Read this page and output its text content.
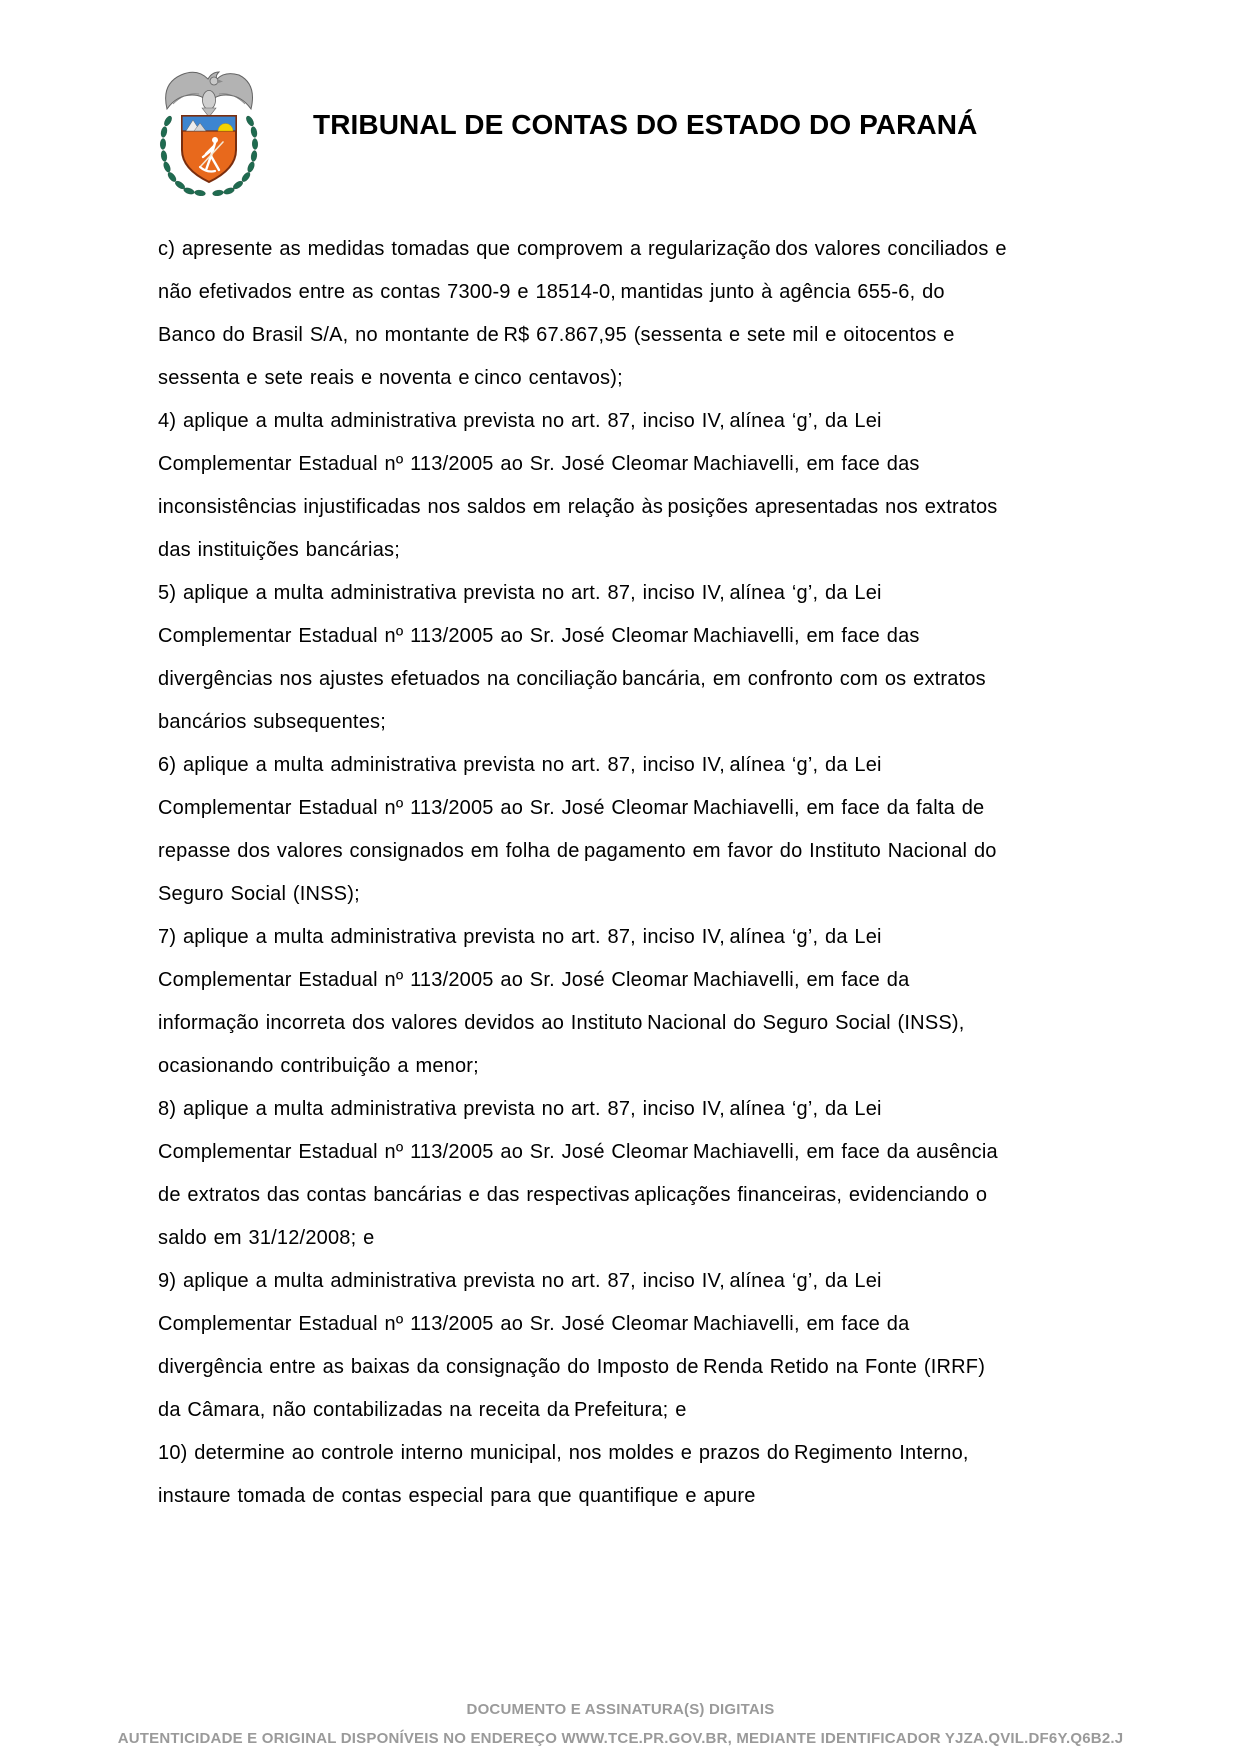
TRIBUNAL DE CONTAS DO ESTADO DO PARANÁ

c) apresente as medidas tomadas que comprovem a regularização dos valores conciliados e não efetivados entre as contas 7300-9 e 18514-0, mantidas junto à agência 655-6, do Banco do Brasil S/A, no montante de R$ 67.867,95 (sessenta e sete mil e oitocentos e sessenta e sete reais e noventa e cinco centavos);

4) aplique a multa administrativa prevista no art. 87, inciso IV, alínea ‘g’, da Lei Complementar Estadual nº 113/2005 ao Sr. José Cleomar Machiavelli, em face das inconsistências injustificadas nos saldos em relação às posições apresentadas nos extratos das instituições bancárias;

5) aplique a multa administrativa prevista no art. 87, inciso IV, alínea ‘g’, da Lei Complementar Estadual nº 113/2005 ao Sr. José Cleomar Machiavelli, em face das divergências nos ajustes efetuados na conciliação bancária, em confronto com os extratos bancários subsequentes;

6) aplique a multa administrativa prevista no art. 87, inciso IV, alínea ‘g’, da Lei Complementar Estadual nº 113/2005 ao Sr. José Cleomar Machiavelli, em face da falta de repasse dos valores consignados em folha de pagamento em favor do Instituto Nacional do Seguro Social (INSS);

7) aplique a multa administrativa prevista no art. 87, inciso IV, alínea ‘g’, da Lei Complementar Estadual nº 113/2005 ao Sr. José Cleomar Machiavelli, em face da informação incorreta dos valores devidos ao Instituto Nacional do Seguro Social (INSS), ocasionando contribuição a menor;

8) aplique a multa administrativa prevista no art. 87, inciso IV, alínea ‘g’, da Lei Complementar Estadual nº 113/2005 ao Sr. José Cleomar Machiavelli, em face da ausência de extratos das contas bancárias e das respectivas aplicações financeiras, evidenciando o saldo em 31/12/2008; e

9) aplique a multa administrativa prevista no art. 87, inciso IV, alínea ‘g’, da Lei Complementar Estadual nº 113/2005 ao Sr. José Cleomar Machiavelli, em face da divergência entre as baixas da consignação do Imposto de Renda Retido na Fonte (IRRF) da Câmara, não contabilizadas na receita da Prefeitura; e

10) determine ao controle interno municipal, nos moldes e prazos do Regimento Interno, instaure tomada de contas especial para que quantifique e apure

DOCUMENTO E ASSINATURA(S) DIGITAIS
AUTENTICIDADE E ORIGINAL DISPONÍVEIS NO ENDEREÇO WWW.TCE.PR.GOV.BR, MEDIANTE IDENTIFICADOR YJZA.QVIL.DF6Y.Q6B2.J
